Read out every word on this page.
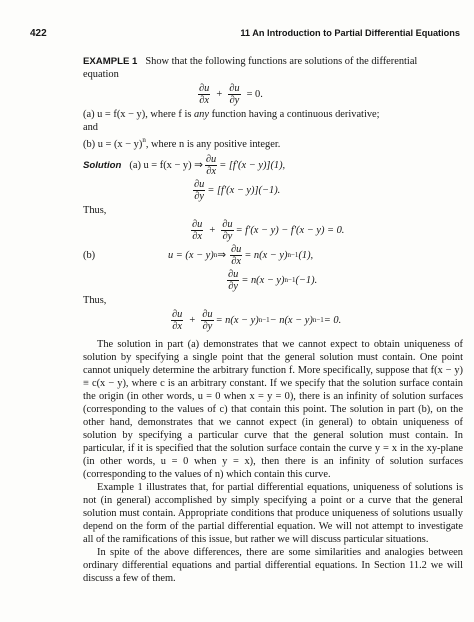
422	11 An Introduction to Partial Differential Equations
EXAMPLE 1 Show that the following functions are solutions of the differential
equation
$\frac{\partial u}{\partial x} + \frac{\partial u}{\partial y} = 0$.
(a) u = f(x − y), where f is any function having a continuous derivative;
and
(b) $u = (x - y)^n$, where n is any positive integer.
Solution (a) u = f(x − y) ⇒ $\frac{\partial u}{\partial x} = [f'(x - y)](1)$,
$\frac{\partial u}{\partial y} = [f'(x - y)](-1)$.
Thus,
$\frac{\partial u}{\partial x} + \frac{\partial u}{\partial y} = f'(x - y) - f'(x - y) = 0$.
(b)	u = (x − y) n ⇒ $\frac{\partial u}{\partial x} = n(x - y)$ n−1 (1),
$\frac{\partial u}{\partial y} = n(x - y)$ n−1 (−1).
Thus,
$\frac{\partial u}{\partial x} + \frac{\partial u}{\partial y} = n(x - y) n-1 - n(x - y) n-1 = 0$.

The solution in part (a) demonstrates that we cannot expect to obtain uniqueness of solution by specifying a single point that the general solution must contain. One point cannot uniquely determine the arbitrary function f. More specifically, suppose that f(x − y) ≡ c(x − y), where c is an arbitrary constant. If we specify that the solution surface contain the origin (in other words, u = 0 when x = y = 0), there is an infinity of solution surfaces (corresponding to the values of c) that contain this point. The solution in part (b), on the other hand, demonstrates that we cannot expect (in general) to obtain uniqueness of solution by specifying a particular curve that the general solution must contain. In particular, if it is specified that the solution surface contain the curve y = x in the xy-plane (in other words, u = 0 when y = x), then there is an infinity of solution surfaces (corresponding to the values of n) which contain this curve.

Example 1 illustrates that, for partial differential equations, uniqueness of solutions is not (in general) accomplished by simply specifying a point or a curve that the general solution must contain. Appropriate conditions that produce uniqueness of solutions usually depend on the form of the partial differential equation. We will not attempt to investigate all of the ramifications of this issue, but rather we will discuss particular situations.

In spite of the above differences, there are some similarities and analogies between ordinary differential equations and partial differential equations. In Section 11.2 we will discuss a few of them.
